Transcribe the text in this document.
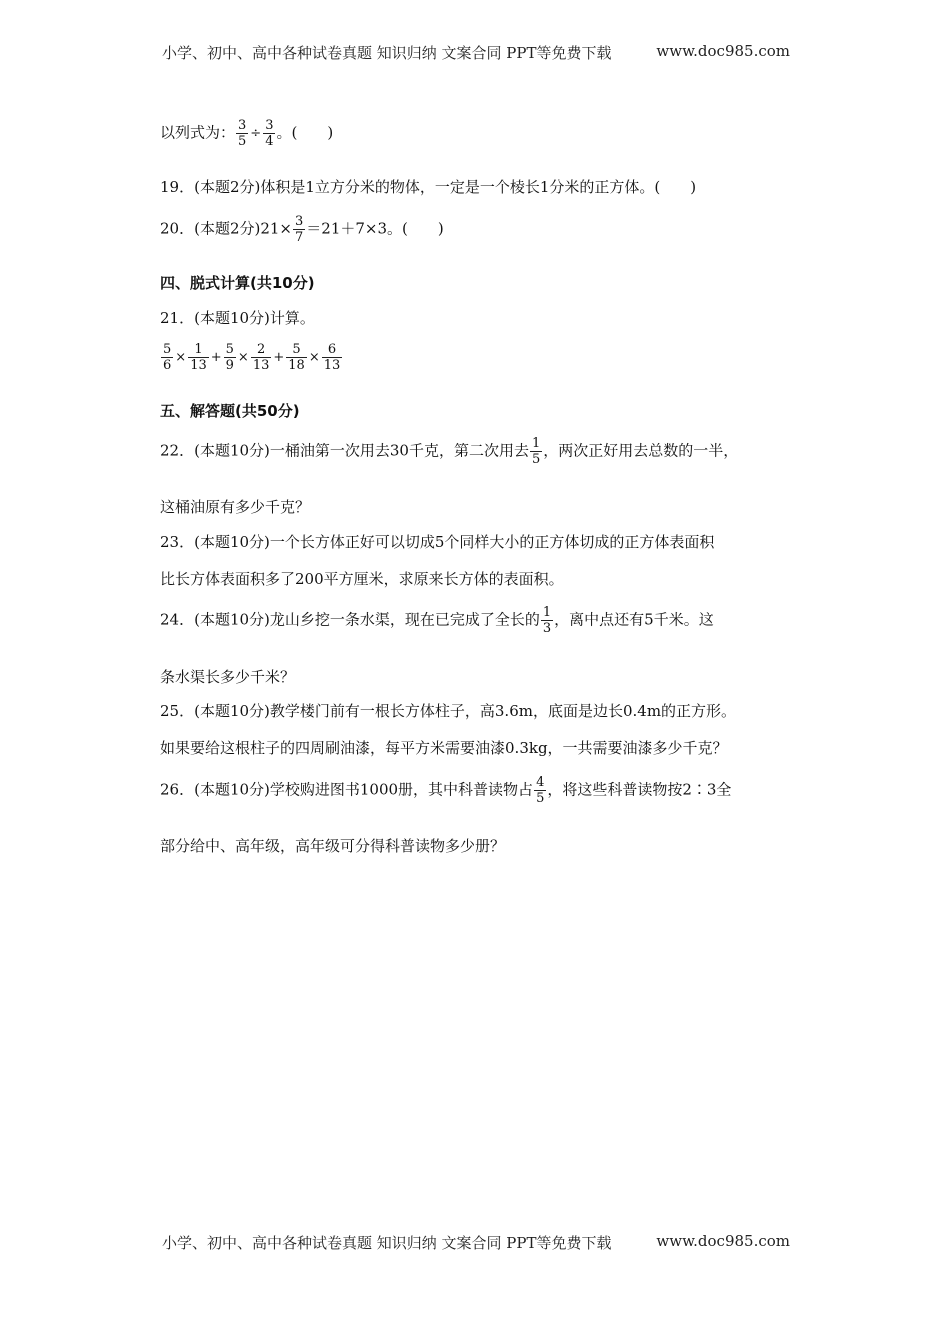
小学、初中、高中各种试卷真题 知识归纳 文案合同 PPT等免费下载	www.doc985.com
以列式为： $\frac{3}{5} \div \frac{3}{4}$ 。(　　)
19．(本题2分)体积是1立方分米的物体，一定是一个棱长1分米的正方体。(　　)
20．(本题2分)$21\times \frac{3}{7} =21+7\times 3$。(　　)
四、脱式计算(共10分)
21．(本题10分)计算。
$\frac{5}{6} \times \frac{1}{13} + \frac{5}{9} \times \frac{2}{13} + \frac{5}{18} \times \frac{6}{13}$
五、解答题(共50分)
22．(本题10分)一桶油第一次用去30千克，第二次用去 $\frac{1}{5}$ ，两次正好用去总数的一半，
这桶油原有多少千克？
23．(本题10分)一个长方体正好可以切成5个同样大小的正方体切成的正方体表面积
比长方体表面积多了200平方厘米，求原来长方体的表面积。
24．(本题10分)龙山乡挖一条水渠，现在已完成了全长的 $\frac{1}{3}$ ，离中点还有5千米。这
条水渠长多少千米？
25．(本题10分)教学楼门前有一根长方体柱子，高3.6m，底面是边长0.4m的正方形。
如果要给这根柱子的四周刷油漆，每平方米需要油漆0.3kg，一共需要油漆多少千克？
26．(本题10分)学校购进图书1000册，其中科普读物占 $\frac{4}{5}$ ，将这些科普读物按2∶3全
部分给中、高年级，高年级可分得科普读物多少册？
小学、初中、高中各种试卷真题 知识归纳 文案合同 PPT等免费下载	www.doc985.com
